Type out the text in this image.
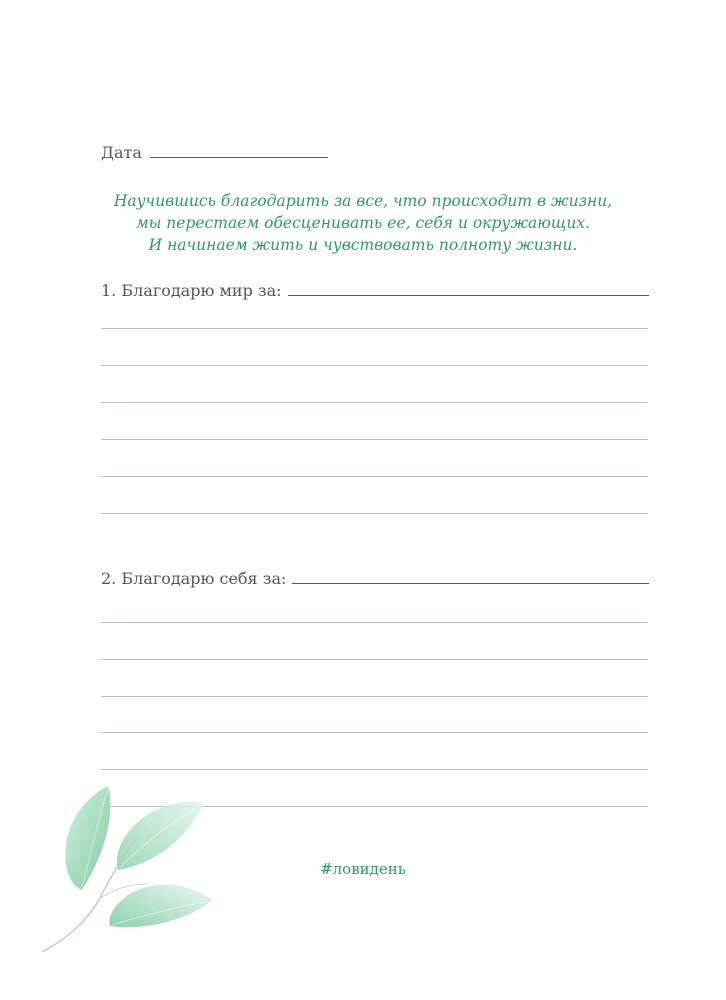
Дата

Научившись благодарить за все, что происходит в жизни,

мы перестаем обесценивать ее, себя и окружающих.

И начинаем жить и чувствовать полноту жизни.

1. Благодарю мир за:
2. Благодарю себя за:
#ловидень
